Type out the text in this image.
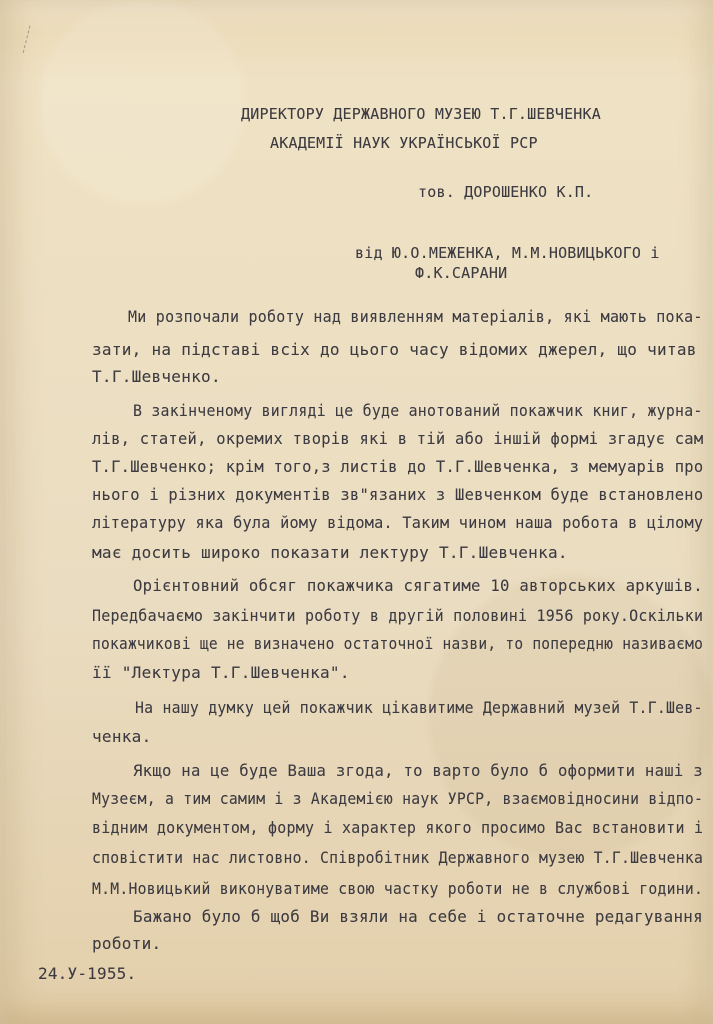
ДИРЕКТОРУ ДЕРЖАВНОГО МУЗЕЮ Т.Г.ШЕВЧЕНКА
АКАДЕМІЇ НАУК УКРАЇНСЬКОЇ РСР
тов. ДОРОШЕНКО К.П.
від Ю.О.МЕЖЕНКА, М.М.НОВИЦЬКОГО і
Ф.К.САРАНИ
Ми розпочали роботу над виявленням матеріалів, які мають пока-
зати, на підставі всіх до цього часу відомих джерел, що читав
Т.Г.Шевченко.
В закінченому вигляді це буде анотований покажчик книг, журна-
лів, статей, окремих творів які в тій або іншій формі згадує сам
Т.Г.Шевченко; крім того,з листів до Т.Г.Шевченка, з мемуарів про
нього і різних документів зв"язаних з Шевченком буде встановлено
літературу яка була йому відома. Таким чином наша робота в цілому
має досить широко показати лектуру Т.Г.Шевченка.
Орієнтовний обсяг покажчика сягатиме 10 авторських аркушів.
Передбачаємо закінчити роботу в другій половині 1956 року.Оскільки
покажчикові ще не визначено остаточної назви, то попередню називаємо
її "Лектура Т.Г.Шевченка".
На нашу думку цей покажчик цікавитиме Державний музей Т.Г.Шев-
ченка.
Якщо на це буде Ваша згода, то варто було б оформити наші з
Музеєм, а тим самим і з Академією наук УРСР, взаємовідносини відпо-
відним документом, форму і характер якого просимо Вас встановити і
сповістити нас листовно. Співробітник Державного музею Т.Г.Шевченка
М.М.Новицький виконуватиме свою частку роботи не в службові години.
Бажано було б щоб Ви взяли на себе і остаточне редагування
роботи.
24.У-1955.
